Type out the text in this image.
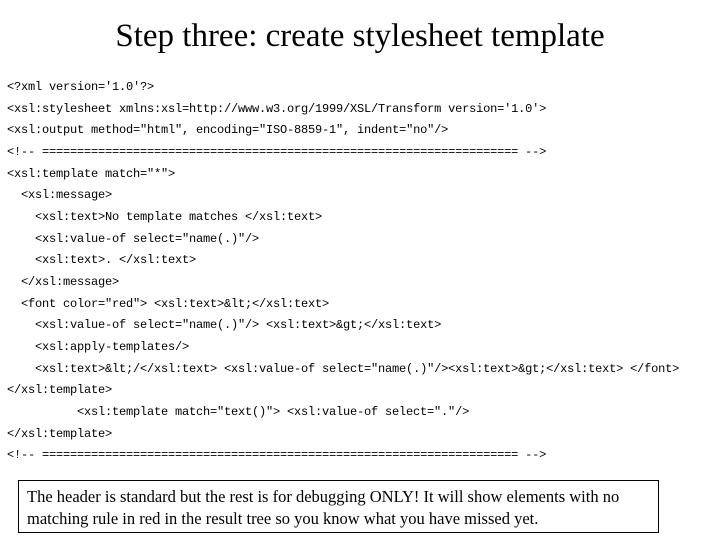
Step three: create stylesheet template
<?xml version='1.0'?>
<xsl:stylesheet xmlns:xsl=http://www.w3.org/1999/XSL/Transform version='1.0'>
<xsl:output method="html", encoding="ISO-8859-1", indent="no"/>
<!-- ==================================================================== -->
<xsl:template match="*">
<xsl:message>
<xsl:text>No template matches </xsl:text>
<xsl:value-of select="name(.)"/>
<xsl:text>. </xsl:text>
</xsl:message>
<font color="red"> <xsl:text>&lt;</xsl:text>
<xsl:value-of select="name(.)"/> <xsl:text>&gt;</xsl:text>
<xsl:apply-templates/>
<xsl:text>&lt;/</xsl:text> <xsl:value-of select="name(.)"/><xsl:text>&gt;</xsl:text> </font>
</xsl:template>
<xsl:template match="text()"> <xsl:value-of select="."/>
</xsl:template>
<!-- ==================================================================== -->
The header is standard but the rest is for debugging ONLY! It will show elements with no matching rule in red in the result tree so you know what you have missed yet.
